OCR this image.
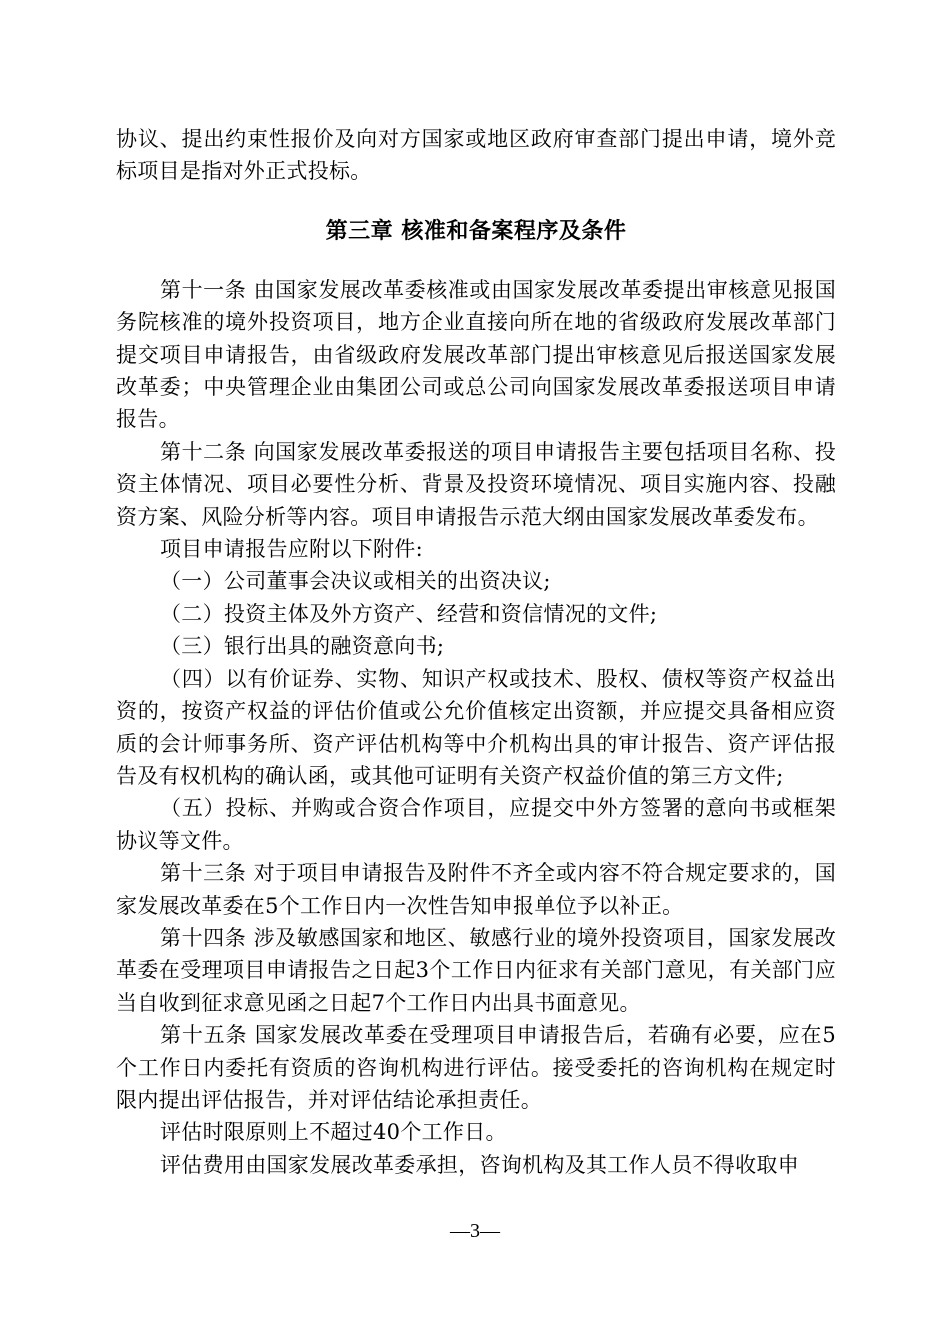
协议、提出约束性报价及向对方国家或地区政府审查部门提出申请，境外竞标项目是指对外正式投标。

第三章 核准和备案程序及条件

第十一条 由国家发展改革委核准或由国家发展改革委提出审核意见报国务院核准的境外投资项目，地方企业直接向所在地的省级政府发展改革部门提交项目申请报告，由省级政府发展改革部门提出审核意见后报送国家发展改革委；中央管理企业由集团公司或总公司向国家发展改革委报送项目申请报告。

第十二条 向国家发展改革委报送的项目申请报告主要包括项目名称、投资主体情况、项目必要性分析、背景及投资环境情况、项目实施内容、投融资方案、风险分析等内容。项目申请报告示范大纲由国家发展改革委发布。

项目申请报告应附以下附件:

（一）公司董事会决议或相关的出资决议;

（二）投资主体及外方资产、经营和资信情况的文件;

（三）银行出具的融资意向书;

（四）以有价证券、实物、知识产权或技术、股权、债权等资产权益出资的，按资产权益的评估价值或公允价值核定出资额，并应提交具备相应资质的会计师事务所、资产评估机构等中介机构出具的审计报告、资产评估报告及有权机构的确认函，或其他可证明有关资产权益价值的第三方文件;

（五）投标、并购或合资合作项目，应提交中外方签署的意向书或框架协议等文件。

第十三条 对于项目申请报告及附件不齐全或内容不符合规定要求的，国家发展改革委在5个工作日内一次性告知申报单位予以补正。

第十四条 涉及敏感国家和地区、敏感行业的境外投资项目，国家发展改革委在受理项目申请报告之日起3个工作日内征求有关部门意见，有关部门应当自收到征求意见函之日起7个工作日内出具书面意见。

第十五条 国家发展改革委在受理项目申请报告后，若确有必要，应在5个工作日内委托有资质的咨询机构进行评估。接受委托的咨询机构在规定时限内提出评估报告，并对评估结论承担责任。

评估时限原则上不超过40个工作日。

评估费用由国家发展改革委承担，咨询机构及其工作人员不得收取申

—3—
